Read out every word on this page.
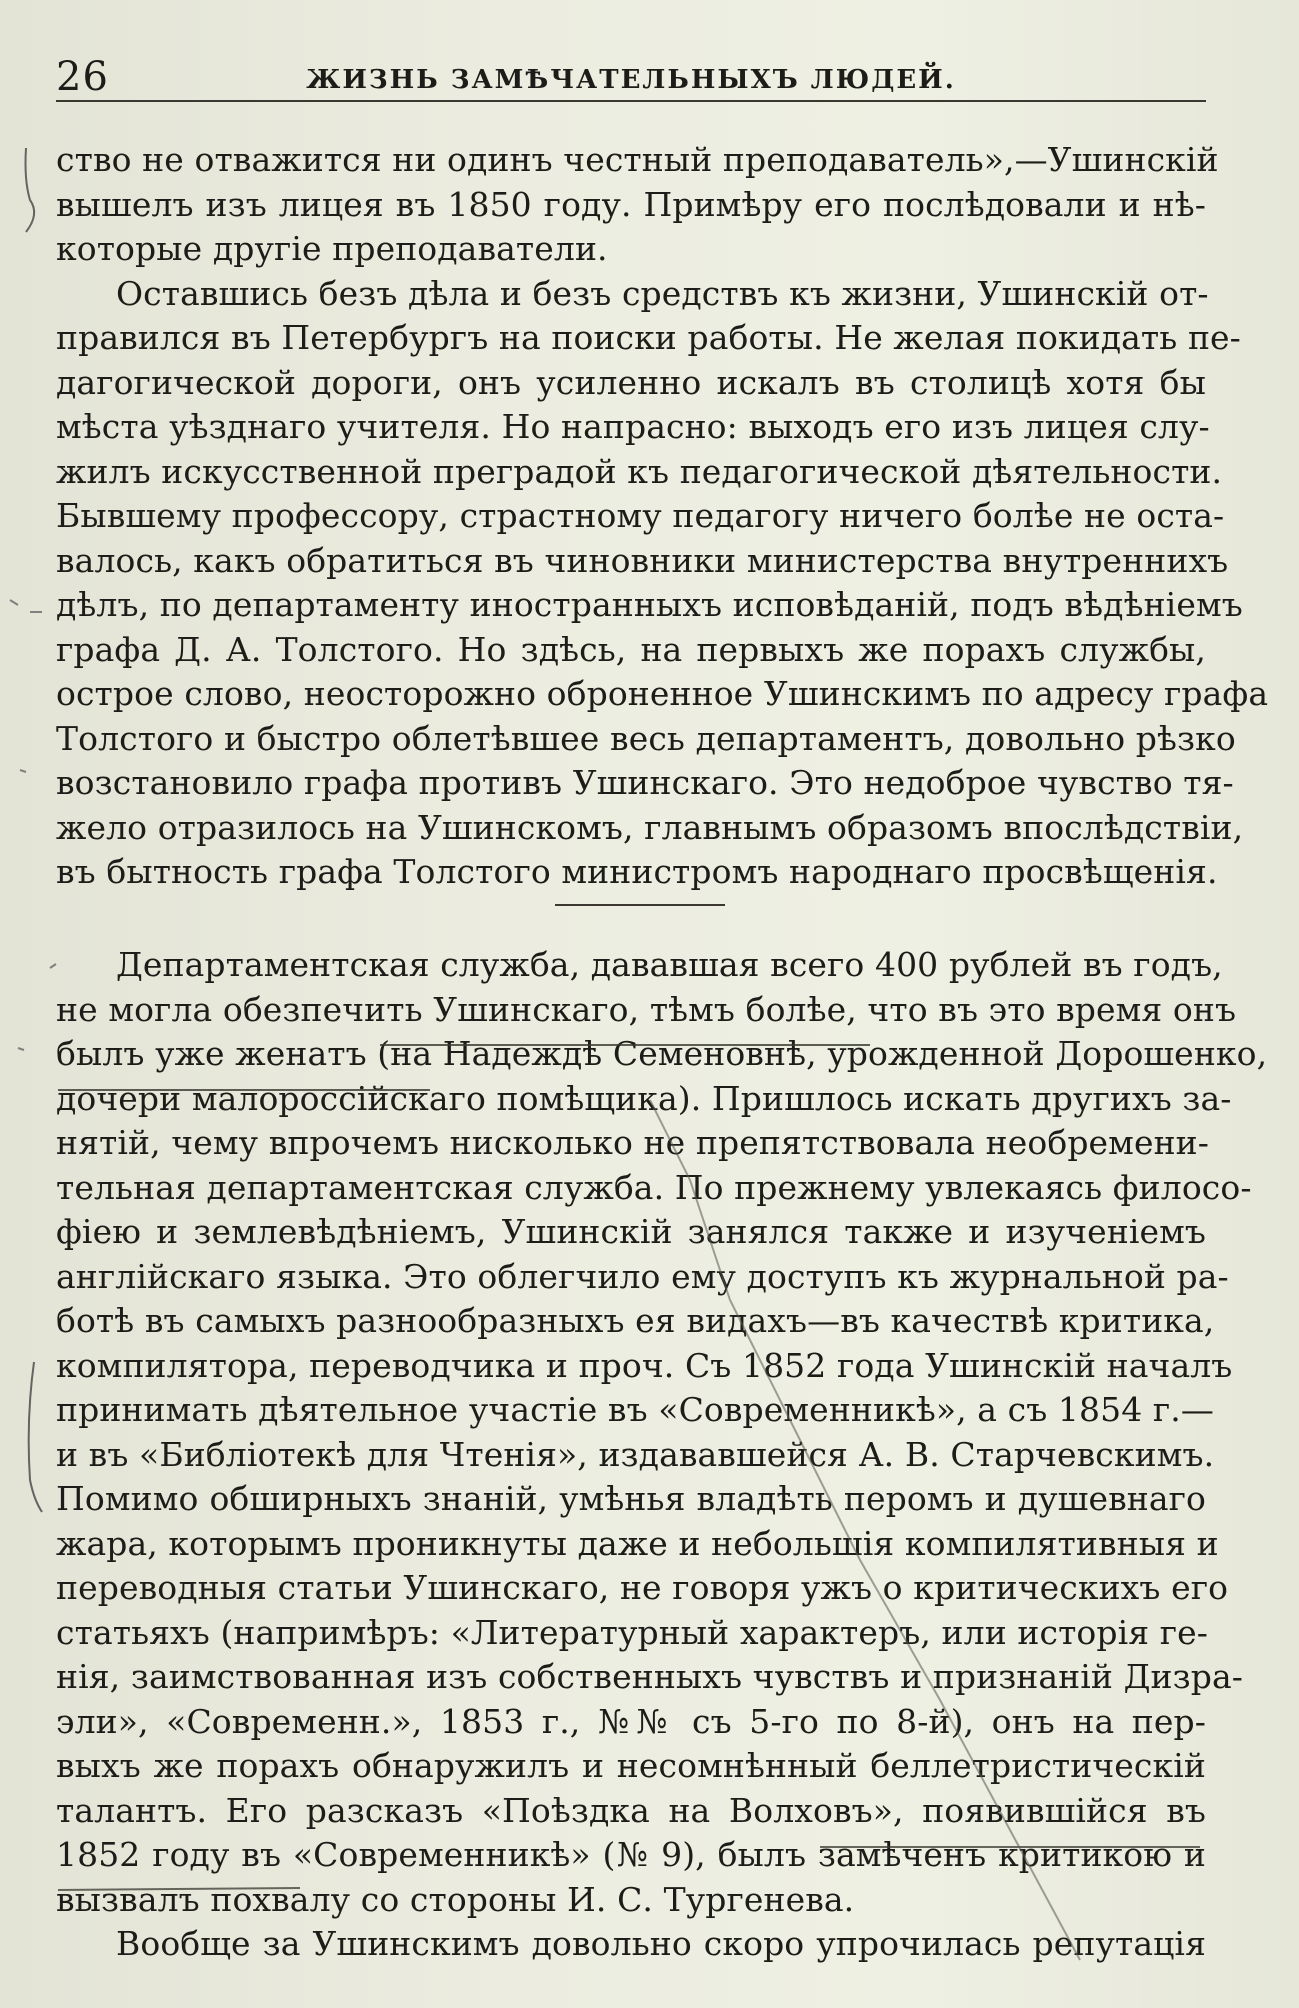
26	ЖИЗНЬ ЗАМѢЧАТЕЛЬНЫХЪ ЛЮДЕЙ.
ство не отважится ни одинъ честный преподаватель»,—Ушинскій
вышелъ изъ лицея въ 1850 году. Примѣру его послѣдовали и нѣ-
которые другіе преподаватели.
Оставшись безъ дѣла и безъ средствъ къ жизни, Ушинскій от-
правился въ Петербургъ на поиски работы. Не желая покидать пе-
дагогической дороги, онъ усиленно искалъ въ столицѣ хотя бы
мѣста уѣзднаго учителя. Но напрасно: выходъ его изъ лицея слу-
жилъ искусственной преградой къ педагогической дѣятельности.
Бывшему профессору, страстному педагогу ничего болѣе не оста-
валось, какъ обратиться въ чиновники министерства внутреннихъ
дѣлъ, по департаменту иностранныхъ исповѣданій, подъ вѣдѣніемъ
графа Д. А. Толстого. Но здѣсь, на первыхъ же порахъ службы,
острое слово, неосторожно оброненное Ушинскимъ по адресу графа
Толстого и быстро облетѣвшее весь департаментъ, довольно рѣзко
возстановило графа противъ Ушинскаго. Это недоброе чувство тя-
жело отразилось на Ушинскомъ, главнымъ образомъ впослѣдствіи,
въ бытность графа Толстого министромъ народнаго просвѣщенія.
Департаментская служба, дававшая всего 400 рублей въ годъ,
не могла обезпечить Ушинскаго, тѣмъ болѣе, что въ это время онъ
былъ уже женатъ (на Надеждѣ Семеновнѣ, урожденной Дорошенко,
дочери малороссійскаго помѣщика). Пришлось искать другихъ за-
нятій, чему впрочемъ нисколько не препятствовала необремени-
тельная департаментская служба. По прежнему увлекаясь филосо-
фіею и землевѣдѣніемъ, Ушинскій занялся также и изученіемъ
англійскаго языка. Это облегчило ему доступъ къ журнальной ра-
ботѣ въ самыхъ разнообразныхъ ея видахъ—въ качествѣ критика,
компилятора, переводчика и проч. Съ 1852 года Ушинскій началъ
принимать дѣятельное участіе въ «Современникѣ», а съ 1854 г.—
и въ «Библіотекѣ для Чтенія», издававшейся А. В. Старчевскимъ.
Помимо обширныхъ знаній, умѣнья владѣть перомъ и душевнаго
жара, которымъ проникнуты даже и небольшія компилятивныя и
переводныя статьи Ушинскаго, не говоря ужъ о критическихъ его
статьяхъ (напримѣръ: «Литературный характеръ, или исторія ге-
нія, заимствованная изъ собственныхъ чувствъ и признаній Дизра-
эли», «Современн.», 1853 г., №№ съ 5-го по 8-й), онъ на пер-
выхъ же порахъ обнаружилъ и несомнѣнный беллетристическій
талантъ. Его разсказъ «Поѣздка на Волховъ», появившійся въ
1852 году въ «Современникѣ» (№ 9), былъ замѣченъ критикою и
вызвалъ похвалу со стороны И. С. Тургенева.
Вообще за Ушинскимъ довольно скоро упрочилась репутація
